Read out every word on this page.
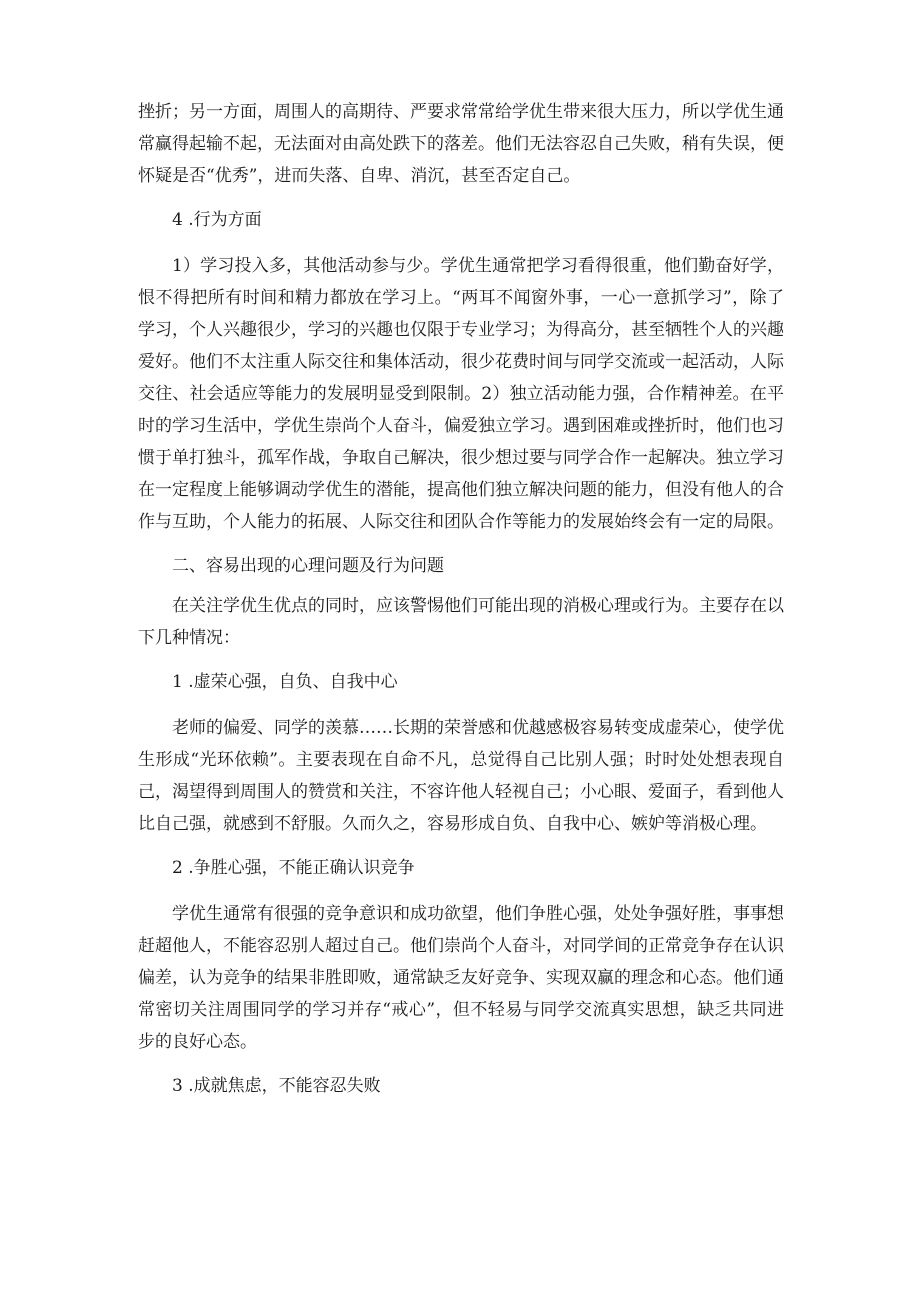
挫折；另一方面，周围人的高期待、严要求常常给学优生带来很大压力，所以学优生通常赢得起输不起，无法面对由高处跌下的落差。他们无法容忍自己失败，稍有失误，便怀疑是否“优秀”，进而失落、自卑、消沉，甚至否定自己。

4 .行为方面

1）学习投入多，其他活动参与少。学优生通常把学习看得很重，他们勤奋好学，恨不得把所有时间和精力都放在学习上。“两耳不闻窗外事，一心一意抓学习”，除了学习，个人兴趣很少，学习的兴趣也仅限于专业学习；为得高分，甚至牺牲个人的兴趣爱好。他们不太注重人际交往和集体活动，很少花费时间与同学交流或一起活动，人际交往、社会适应等能力的发展明显受到限制。2）独立活动能力强，合作精神差。在平时的学习生活中，学优生崇尚个人奋斗，偏爱独立学习。遇到困难或挫折时，他们也习惯于单打独斗，孤军作战，争取自己解决，很少想过要与同学合作一起解决。独立学习在一定程度上能够调动学优生的潜能，提高他们独立解决问题的能力，但没有他人的合作与互助，个人能力的拓展、人际交往和团队合作等能力的发展始终会有一定的局限。

二、容易出现的心理问题及行为问题

在关注学优生优点的同时，应该警惕他们可能出现的消极心理或行为。主要存在以下几种情况：

1 .虚荣心强，自负、自我中心

老师的偏爱、同学的羡慕……长期的荣誉感和优越感极容易转变成虚荣心，使学优生形成“光环依赖”。主要表现在自命不凡，总觉得自己比别人强；时时处处想表现自己，渴望得到周围人的赞赏和关注，不容许他人轻视自己；小心眼、爱面子，看到他人比自己强，就感到不舒服。久而久之，容易形成自负、自我中心、嫉妒等消极心理。

2 .争胜心强，不能正确认识竞争

学优生通常有很强的竞争意识和成功欲望，他们争胜心强，处处争强好胜，事事想赶超他人，不能容忍别人超过自己。他们崇尚个人奋斗，对同学间的正常竞争存在认识偏差，认为竞争的结果非胜即败，通常缺乏友好竞争、实现双赢的理念和心态。他们通常密切关注周围同学的学习并存“戒心”，但不轻易与同学交流真实思想，缺乏共同进步的良好心态。

3 .成就焦虑，不能容忍失败
